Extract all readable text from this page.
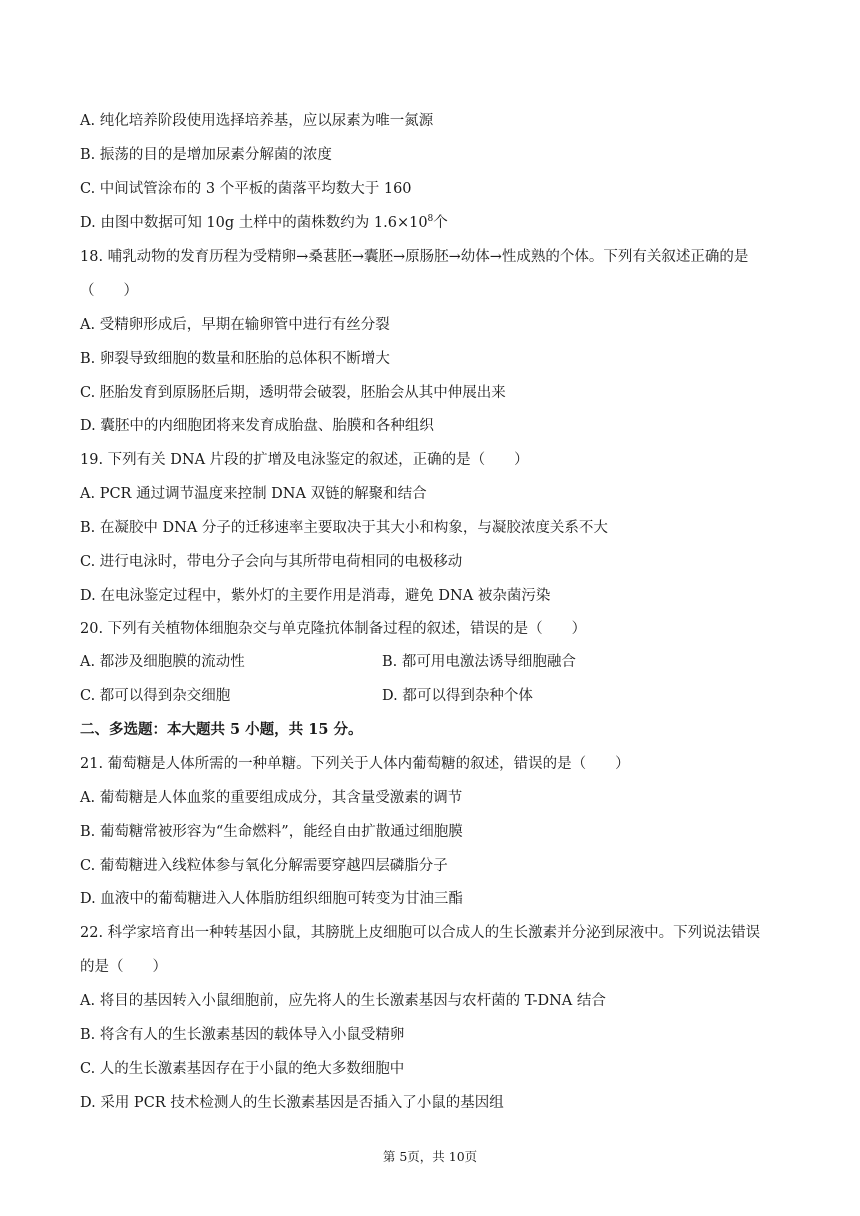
A. 纯化培养阶段使用选择培养基，应以尿素为唯一氮源
B. 振荡的目的是增加尿素分解菌的浓度
C. 中间试管涂布的 3 个平板的菌落平均数大于 160
D. 由图中数据可知 10g 土样中的菌株数约为 $1.6\times 10^8$个
18. 哺乳动物的发育历程为受精卵→桑葚胚→囊胚→原肠胚→幼体→性成熟的个体。下列有关叙述正确的是
（　　）
A. 受精卵形成后，早期在输卵管中进行有丝分裂
B. 卵裂导致细胞的数量和胚胎的总体积不断增大
C. 胚胎发育到原肠胚后期，透明带会破裂，胚胎会从其中伸展出来
D. 囊胚中的内细胞团将来发育成胎盘、胎膜和各种组织
19. 下列有关 DNA 片段的扩增及电泳鉴定的叙述，正确的是（　　）
A. PCR 通过调节温度来控制 DNA 双链的解聚和结合
B. 在凝胶中 DNA 分子的迁移速率主要取决于其大小和构象，与凝胶浓度关系不大
C. 进行电泳时，带电分子会向与其所带电荷相同的电极移动
D. 在电泳鉴定过程中，紫外灯的主要作用是消毒，避免 DNA 被杂菌污染
20. 下列有关植物体细胞杂交与单克隆抗体制备过程的叙述，错误的是（　　）
A. 都涉及细胞膜的流动性	B. 都可用电激法诱导细胞融合
C. 都可以得到杂交细胞	D. 都可以得到杂种个体
二、多选题：本大题共 5 小题，共 15 分。
21. 葡萄糖是人体所需的一种单糖。下列关于人体内葡萄糖的叙述，错误的是（　　）
A. 葡萄糖是人体血浆的重要组成成分，其含量受激素的调节
B. 葡萄糖常被形容为“生命燃料”，能经自由扩散通过细胞膜
C. 葡萄糖进入线粒体参与氧化分解需要穿越四层磷脂分子
D. 血液中的葡萄糖进入人体脂肪组织细胞可转变为甘油三酯
22. 科学家培育出一种转基因小鼠，其膀胱上皮细胞可以合成人的生长激素并分泌到尿液中。下列说法错误
的是（　　）
A. 将目的基因转入小鼠细胞前，应先将人的生长激素基因与农杆菌的 T-DNA 结合
B. 将含有人的生长激素基因的载体导入小鼠受精卵
C. 人的生长激素基因存在于小鼠的绝大多数细胞中
D. 采用 PCR 技术检测人的生长激素基因是否插入了小鼠的基因组
第 5页，共 10页
